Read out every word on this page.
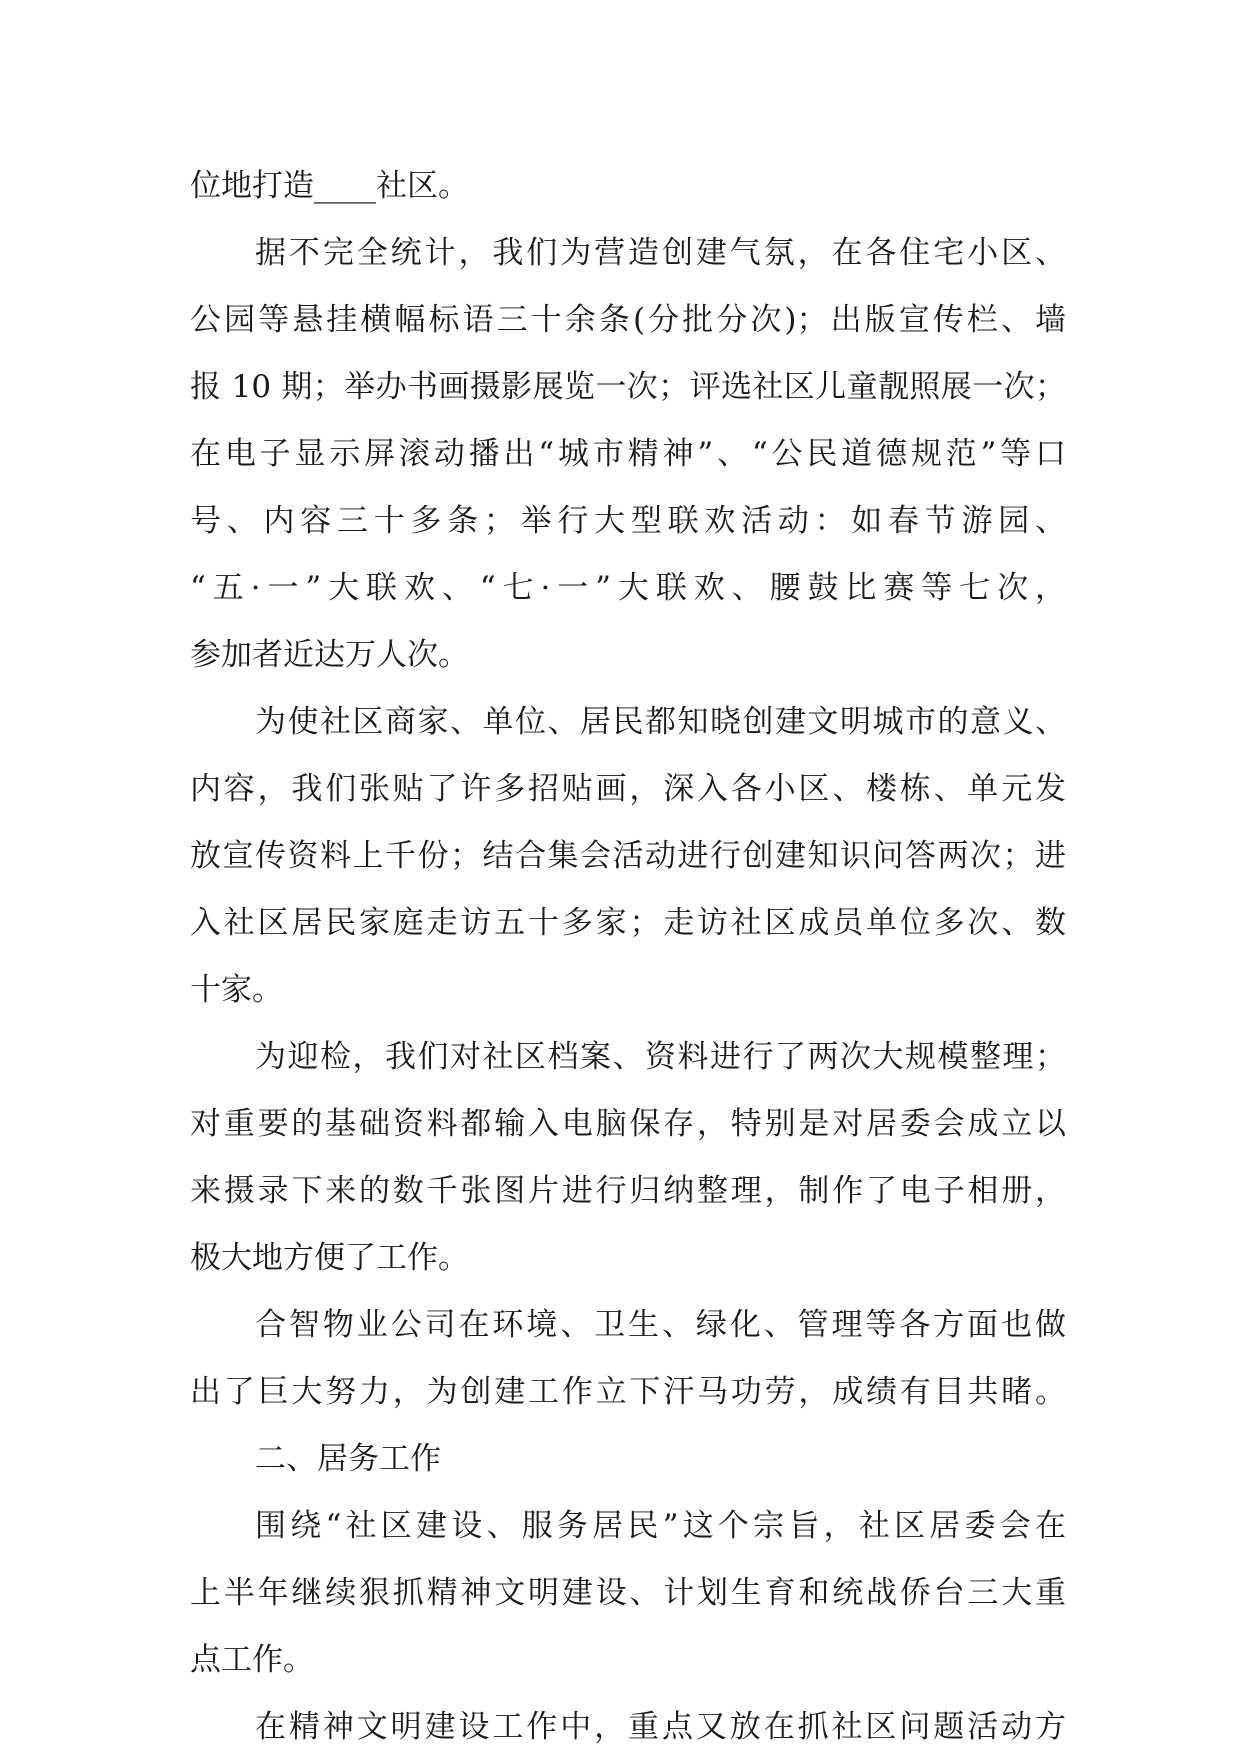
位地打造____社区。
据不完全统计，我们为营造创建气氛，在各住宅小区、
公园等悬挂横幅标语三十余条(分批分次)；出版宣传栏、墙
报 10 期；举办书画摄影展览一次；评选社区儿童靓照展一次；
在电子显示屏滚动播出“城市精神”、“公民道德规范”等口
号、内容三十多条；举行大型联欢活动：如春节游园、
“五·一”大联欢、“七·一”大联欢、腰鼓比赛等七次，
参加者近达万人次。
为使社区商家、单位、居民都知晓创建文明城市的意义、
内容，我们张贴了许多招贴画，深入各小区、楼栋、单元发
放宣传资料上千份；结合集会活动进行创建知识问答两次；进
入社区居民家庭走访五十多家；走访社区成员单位多次、数
十家。
为迎检，我们对社区档案、资料进行了两次大规模整理；
对重要的基础资料都输入电脑保存，特别是对居委会成立以
来摄录下来的数千张图片进行归纳整理，制作了电子相册，
极大地方便了工作。
合智物业公司在环境、卫生、绿化、管理等各方面也做
出了巨大努力，为创建工作立下汗马功劳，成绩有目共睹。
二、居务工作
围绕“社区建设、服务居民”这个宗旨，社区居委会在
上半年继续狠抓精神文明建设、计划生育和统战侨台三大重
点工作。
在精神文明建设工作中，重点又放在抓社区问题活动方
